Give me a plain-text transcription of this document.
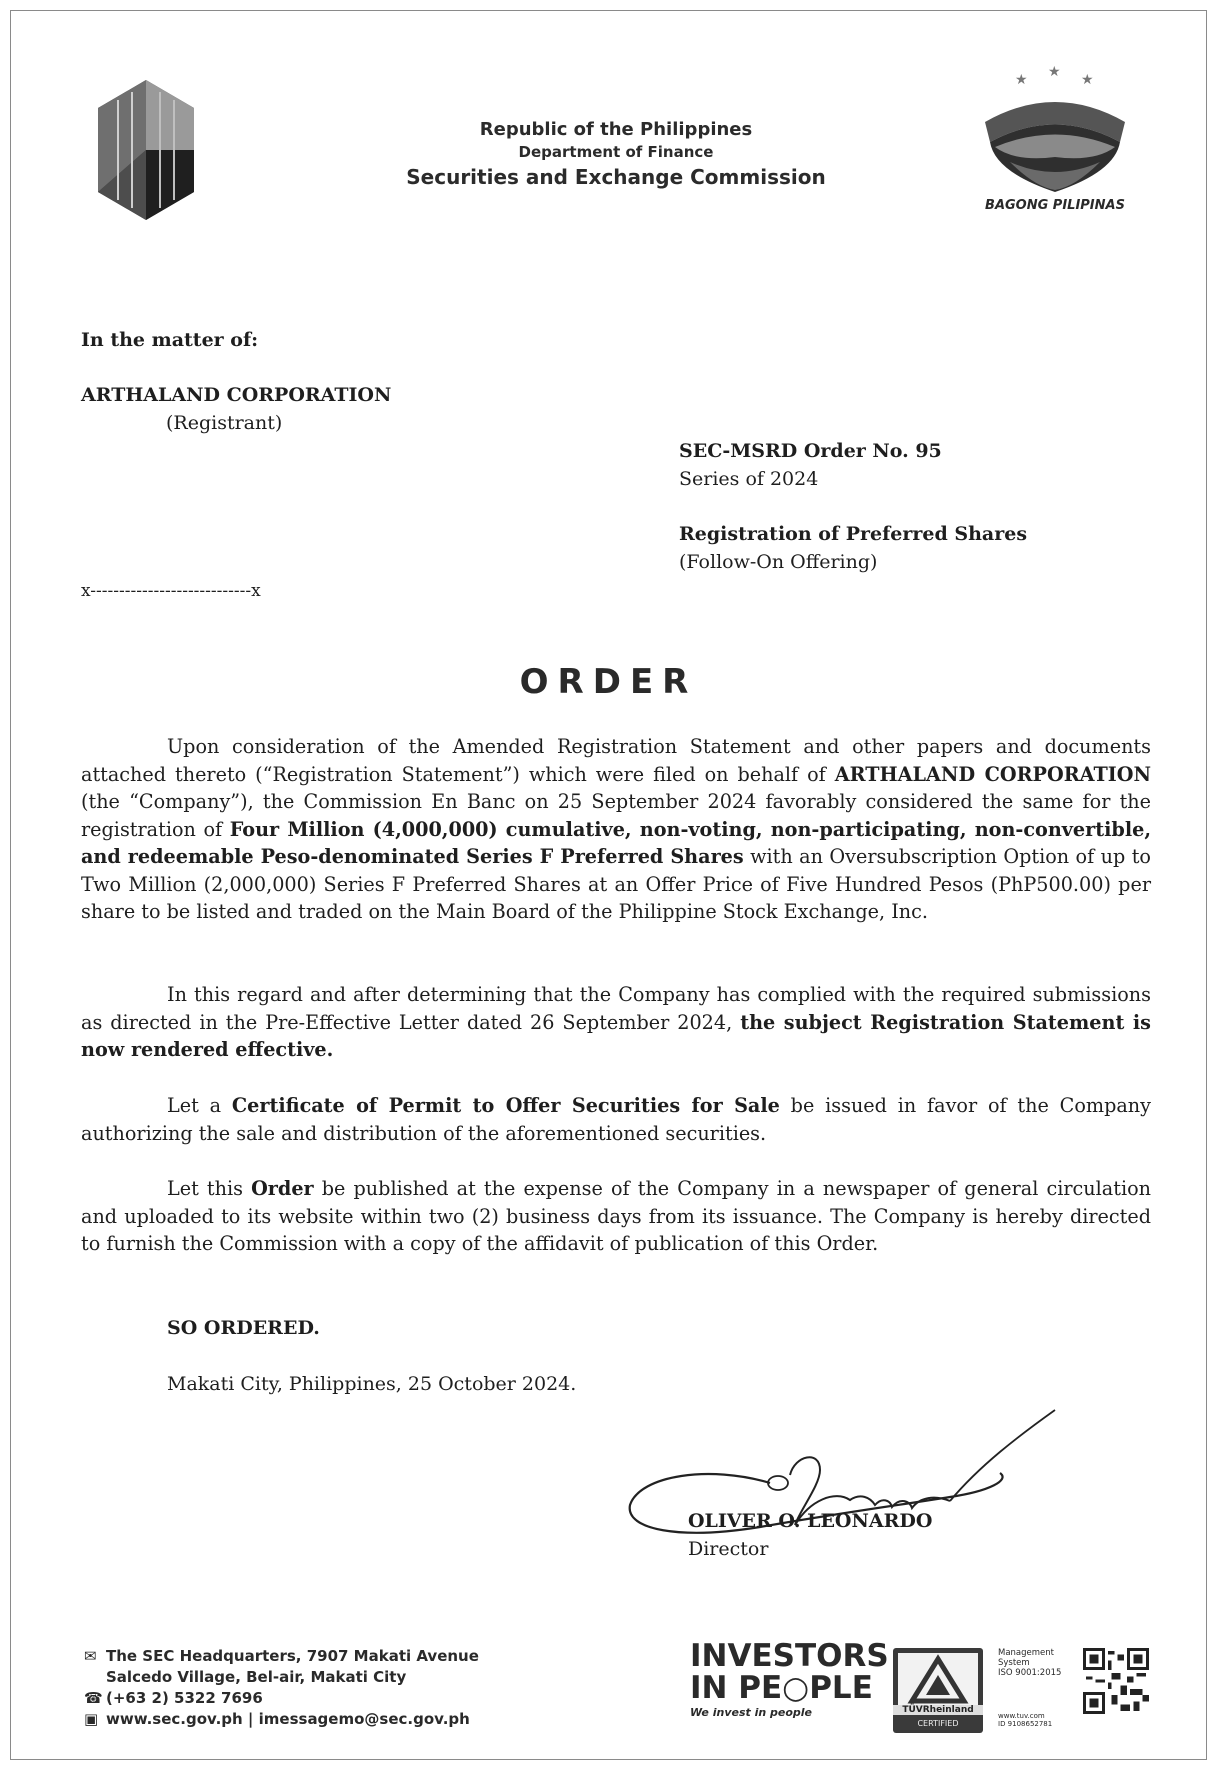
★ ★ ★
BAGONG PILIPINAS
Republic of the Philippines
Department of Finance
Securities and Exchange Commission
In the matter of:
ARTHALAND CORPORATION
(Registrant)
SEC-MSRD Order No. 95
Series of 2024
Registration of Preferred Shares
(Follow-On Offering)
x----------------------------x
ORDER
Upon consideration of the Amended Registration Statement and other papers and documents attached thereto (“Registration Statement”) which were filed on behalf of ARTHALAND CORPORATION (the “Company”), the Commission En Banc on 25 September 2024 favorably considered the same for the registration of Four Million (4,000,000) cumulative, non-voting, non-participating, non-convertible, and redeemable Peso-denominated Series F Preferred Shares with an Oversubscription Option of up to Two Million (2,000,000) Series F Preferred Shares at an Offer Price of Five Hundred Pesos (PhP500.00) per share to be listed and traded on the Main Board of the Philippine Stock Exchange, Inc.
In this regard and after determining that the Company has complied with the required submissions as directed in the Pre-Effective Letter dated 26 September 2024, the subject Registration Statement is now rendered effective.
Let a Certificate of Permit to Offer Securities for Sale be issued in favor of the Company authorizing the sale and distribution of the aforementioned securities.
Let this Order be published at the expense of the Company in a newspaper of general circulation and uploaded to its website within two (2) business days from its issuance. The Company is hereby directed to furnish the Commission with a copy of the affidavit of publication of this Order.
SO ORDERED.
Makati City, Philippines, 25 October 2024.
OLIVER O. LEONARDO
Director
✉ The SEC Headquarters, 7907 Makati Avenue
Salcedo Village, Bel-air, Makati City
☎ (+63 2) 5322 7696
▣ www.sec.gov.ph | imessagemo@sec.gov.ph
INVESTORS
IN PE○PLE
We invest in people	TÜVRheinland
CERTIFIED
Management
System
ISO 9001:2015
www.tuv.com
ID 9108652781
